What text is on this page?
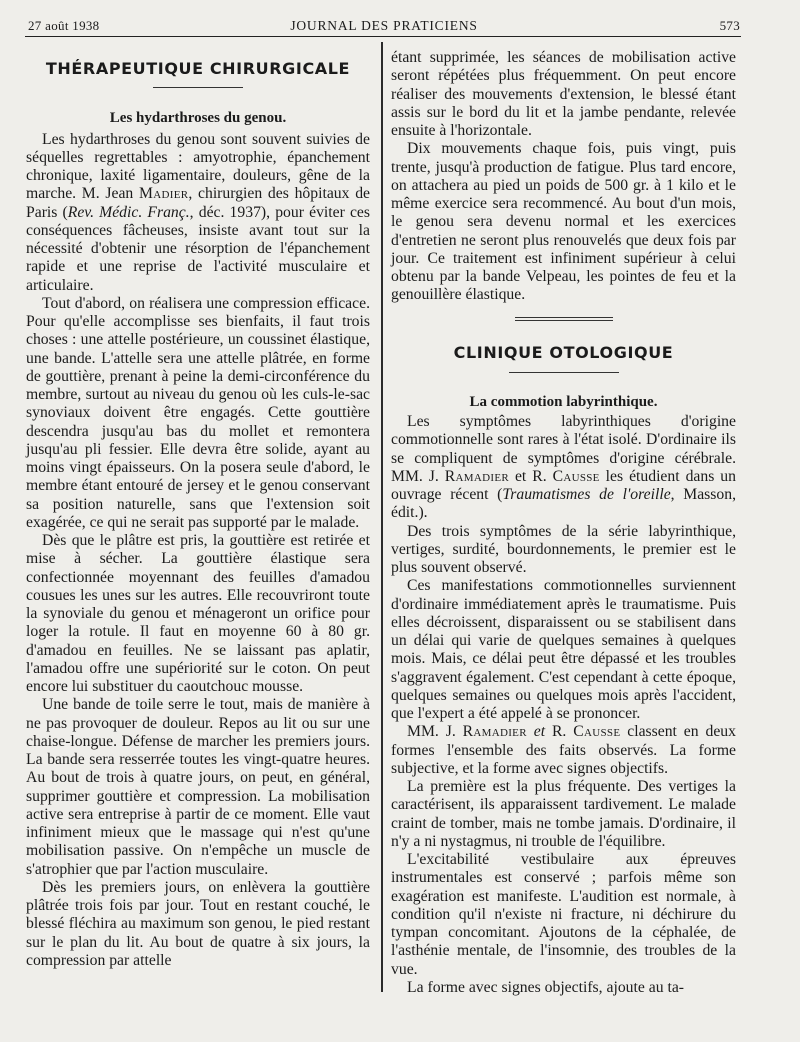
27 août 1938	JOURNAL DES PRATICIENS	573
THÉRAPEUTIQUE CHIRURGICALE
Les hydarthroses du genou.

Les hydarthroses du genou sont souvent suivies de séquelles regrettables : amyotrophie, épanchement chronique, laxité ligamentaire, douleurs, gêne de la marche. M. Jean Madier, chirurgien des hôpitaux de Paris (Rev. Médic. Franç., déc. 1937), pour éviter ces conséquences fâcheuses, insiste avant tout sur la nécessité d'obtenir une résorption de l'épanchement rapide et une reprise de l'activité musculaire et articulaire.

Tout d'abord, on réalisera une compression efficace. Pour qu'elle accomplisse ses bienfaits, il faut trois choses : une attelle postérieure, un coussinet élastique, une bande. L'attelle sera une attelle plâtrée, en forme de gouttière, prenant à peine la demi-circonférence du membre, surtout au niveau du genou où les culs-le-sac synoviaux doivent être engagés. Cette gouttière descendra jusqu'au bas du mollet et remontera jusqu'au pli fessier. Elle devra être solide, ayant au moins vingt épaisseurs. On la posera seule d'abord, le membre étant entouré de jersey et le genou conservant sa position naturelle, sans que l'extension soit exagérée, ce qui ne serait pas supporté par le malade.

Dès que le plâtre est pris, la gouttière est retirée et mise à sécher. La gouttière élastique sera confectionnée moyennant des feuilles d'amadou cousues les unes sur les autres. Elle recouvriront toute la synoviale du genou et ménageront un orifice pour loger la rotule. Il faut en moyenne 60 à 80 gr. d'amadou en feuilles. Ne se laissant pas aplatir, l'amadou offre une supériorité sur le coton. On peut encore lui substituer du caoutchouc mousse.

Une bande de toile serre le tout, mais de manière à ne pas provoquer de douleur. Repos au lit ou sur une chaise-longue. Défense de marcher les premiers jours. La bande sera resserrée toutes les vingt-quatre heures. Au bout de trois à quatre jours, on peut, en général, supprimer gouttière et compression. La mobilisation active sera entreprise à partir de ce moment. Elle vaut infiniment mieux que le massage qui n'est qu'une mobilisation passive. On n'empêche un muscle de s'atrophier que par l'action musculaire.

Dès les premiers jours, on enlèvera la gouttière plâtrée trois fois par jour. Tout en restant couché, le blessé fléchira au maximum son genou, le pied restant sur le plan du lit. Au bout de quatre à six jours, la compression par attelle

étant supprimée, les séances de mobilisation active seront répétées plus fréquemment. On peut encore réaliser des mouvements d'extension, le blessé étant assis sur le bord du lit et la jambe pendante, relevée ensuite à l'horizontale.

Dix mouvements chaque fois, puis vingt, puis trente, jusqu'à production de fatigue. Plus tard encore, on attachera au pied un poids de 500 gr. à 1 kilo et le même exercice sera recommencé. Au bout d'un mois, le genou sera devenu normal et les exercices d'entretien ne seront plus renouvelés que deux fois par jour. Ce traitement est infiniment supérieur à celui obtenu par la bande Velpeau, les pointes de feu et la genouillère élastique.

CLINIQUE OTOLOGIQUE
La commotion labyrinthique.

Les symptômes labyrinthiques d'origine commotionnelle sont rares à l'état isolé. D'ordinaire ils se compliquent de symptômes d'origine cérébrale. MM. J. Ramadier et R. Causse les étudient dans un ouvrage récent (Traumatismes de l'oreille, Masson, édit.).

Des trois symptômes de la série labyrinthique, vertiges, surdité, bourdonnements, le premier est le plus souvent observé.

Ces manifestations commotionnelles surviennent d'ordinaire immédiatement après le traumatisme. Puis elles décroissent, disparaissent ou se stabilisent dans un délai qui varie de quelques semaines à quelques mois. Mais, ce délai peut être dépassé et les troubles s'aggravent également. C'est cependant à cette époque, quelques semaines ou quelques mois après l'accident, que l'expert a été appelé à se prononcer.

MM. J. Ramadier et R. Causse classent en deux formes l'ensemble des faits observés. La forme subjective, et la forme avec signes objectifs.

La première est la plus fréquente. Des vertiges la caractérisent, ils apparaissent tardivement. Le malade craint de tomber, mais ne tombe jamais. D'ordinaire, il n'y a ni nystagmus, ni trouble de l'équilibre.

L'excitabilité vestibulaire aux épreuves instrumentales est conservé ; parfois même son exagération est manifeste. L'audition est normale, à condition qu'il n'existe ni fracture, ni déchirure du tympan concomitant. Ajoutons de la céphalée, de l'asthénie mentale, de l'insomnie, des troubles de la vue.

La forme avec signes objectifs, ajoute au ta-
